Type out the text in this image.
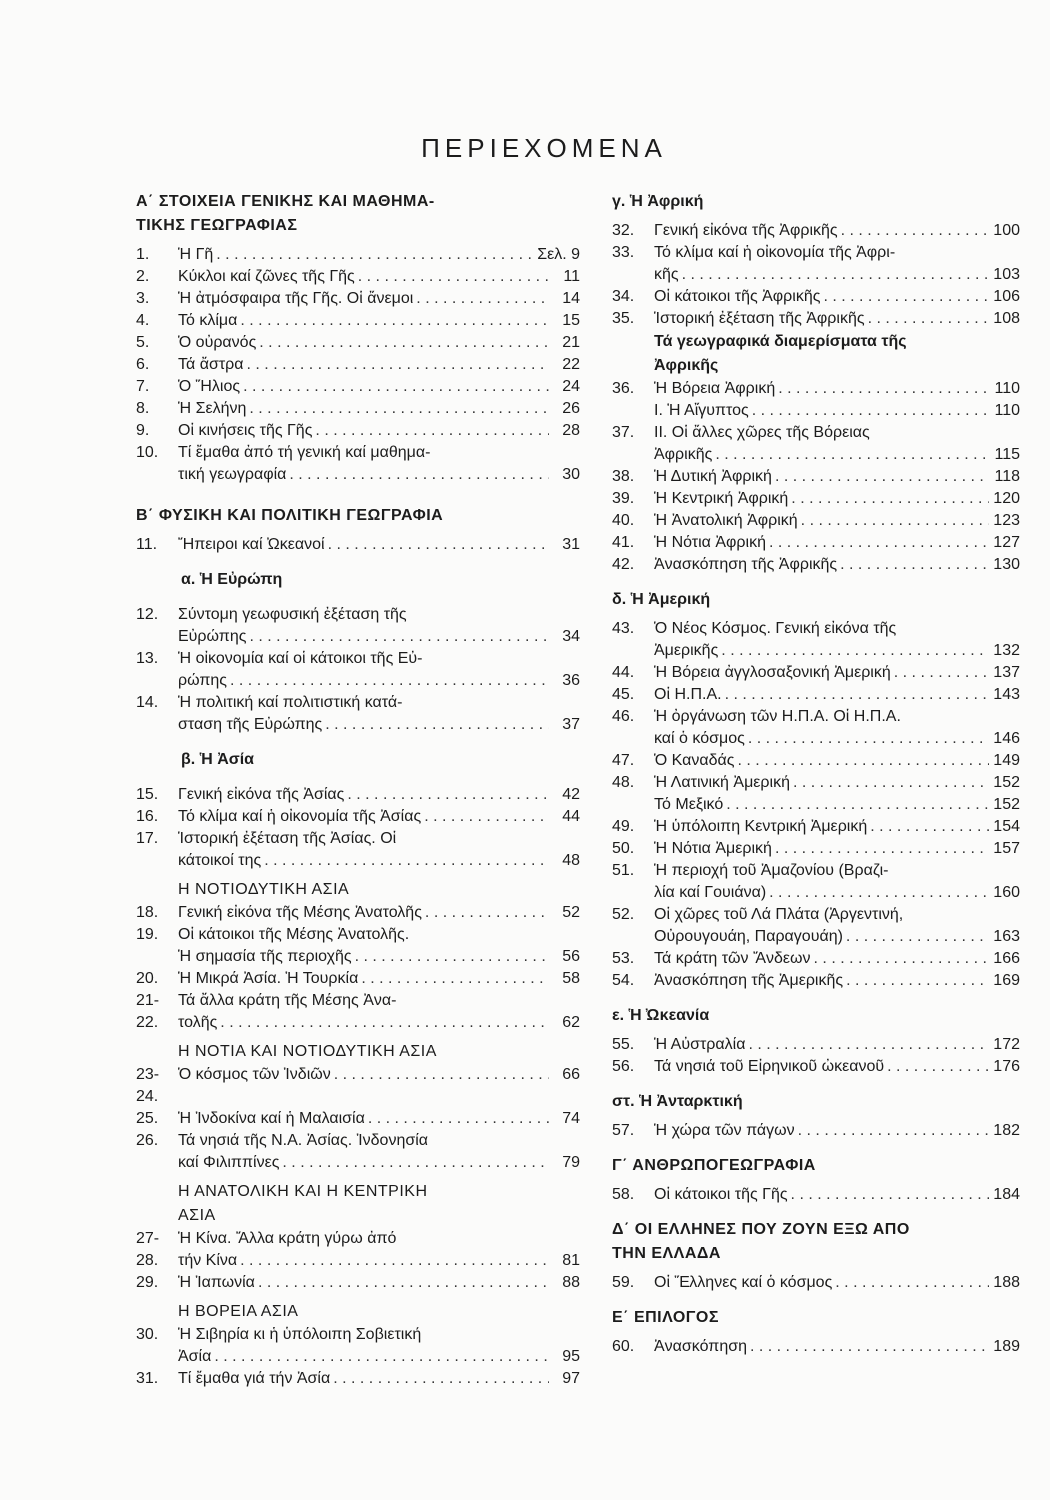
ΠΕΡΙΕΧΟΜΕΝΑ

Α΄ ΣΤΟΙΧΕΙΑ ΓΕΝΙΚΗΣ ΚΑΙ ΜΑΘΗΜΑ-

ΤΙΚΗΣ ΓΕΩΓΡΑΦΙΑΣ

1.	Ἡ Γῆ . . .	Σελ. 9
2.	Κύκλοι καί ζῶνες τῆς Γῆς . . .	11
3.	Ἡ ἀτμόσφαιρα τῆς Γῆς. Οἱ ἄνεμοι . . .	14
4.	Τό κλίμα . . .	15
5.	Ὁ οὐρανός . . .	21
6.	Τά ἄστρα . . .	22
7.	Ὁ Ἥλιος . . .	24
8.	Ἡ Σελήνη . . .	26
9.	Οἱ κινήσεις τῆς Γῆς . . .	28
10.	Τί ἔμαθα ἀπό τή γενική καί μαθημα-
τική γεωγραφία . . .	30

Β΄ ΦΥΣΙΚΗ ΚΑΙ ΠΟΛΙΤΙΚΗ ΓΕΩΓΡΑΦΙΑ

11.	Ἤπειροι καί Ὠκεανοί . . .	31

α. Ἡ Εὐρώπη

12.	Σύντομη γεωφυσική ἐξέταση τῆς
Εὐρώπης . . .	34
13.	Ἡ οἰκονομία καί οἱ κάτοικοι τῆς Εὐ-
ρώπης . . .	36
14.	Ἡ πολιτική καί πολιτιστική κατά-
σταση τῆς Εὐρώπης . . .	37

β. Ἡ Ἀσία

15.	Γενική εἰκόνα τῆς Ἀσίας . . .	42
16.	Τό κλίμα καί ἡ οἰκονομία τῆς Ἀσίας . . .	44
17.	Ἱστορική ἐξέταση τῆς Ἀσίας. Οἱ
κάτοικοί της . . .	48

Η ΝΟΤΙΟΔΥΤΙΚΗ ΑΣΙΑ

18.	Γενική εἰκόνα τῆς Μέσης Ἀνατολῆς . . .	52
19.	Οἱ κάτοικοι τῆς Μέσης Ἀνατολῆς.
Ἡ σημασία τῆς περιοχῆς . . .	56
20.	Ἡ Μικρά Ἀσία. Ἡ Τουρκία . . .	58
21-22.
Τά ἄλλα κράτη τῆς Μέσης Ἀνα-
τολῆς . . .	62

Η ΝΟΤΙΑ ΚΑΙ ΝΟΤΙΟΔΥΤΙΚΗ ΑΣΙΑ

23-24.
Ὁ κόσμος τῶν Ἰνδιῶν . . .	66
25.	Ἡ Ἰνδοκίνα καί ἡ Μαλαισία . . .	74
26.	Τά νησιά τῆς Ν.Α. Ἀσίας. Ἰνδονησία
καί Φιλιππίνες . . .	79

Η ΑΝΑΤΟΛΙΚΗ ΚΑΙ Η ΚΕΝΤΡΙΚΗ

ΑΣΙΑ

27-28.
Ἡ Κίνα. Ἄλλα κράτη γύρω ἀπό
τήν Κίνα . . .	81
29.	Ἡ Ἰαπωνία . . .	88

Η ΒΟΡΕΙΑ ΑΣΙΑ

30.	Ἡ Σιβηρία κι ἡ ὑπόλοιπη Σοβιετική
Ἀσία . . .	95
31.	Τί ἔμαθα γιά τήν Ἀσία . . .	97

γ. Ἡ Ἀφρική

32.	Γενική εἰκόνα τῆς Ἀφρικῆς . . .	100
33.	Τό κλίμα καί ἡ οἰκονομία τῆς Ἀφρι-
κῆς . . .	103
34.	Οἱ κάτοικοι τῆς Ἀφρικῆς . . .	106
35.	Ἱστορική ἐξέταση τῆς Ἀφρικῆς . . .	108

Τά γεωγραφικά διαμερίσματα τῆς

Ἀφρικῆς

36.	Ἡ Βόρεια Ἀφρική . . .	110
I. Ἡ Αἴγυπτος . . .	110
37.	II. Οἱ ἄλλες χῶρες τῆς Βόρειας
Ἀφρικῆς . . .	115
38.	Ἡ Δυτική Ἀφρική . . .	118
39.	Ἡ Κεντρική Ἀφρική . . .	120
40.	Ἡ Ἀνατολική Ἀφρική . . .	123
41.	Ἡ Νότια Ἀφρική . . .	127
42.	Ἀνασκόπηση τῆς Ἀφρικῆς . . .	130

δ. Ἡ Ἀμερική

43.	Ὁ Νέος Κόσμος. Γενική εἰκόνα τῆς
Ἀμερικῆς . . .	132
44.	Ἡ Βόρεια ἀγγλοσαξονική Ἀμερική . . .	137
45.	Οἱ Η.Π.Α. . . .	143
46.	Ἡ ὀργάνωση τῶν Η.Π.Α. Οἱ Η.Π.Α.
καί ὁ κόσμος . . .	146
47.	Ὁ Καναδάς . . .	149
48.	Ἡ Λατινική Ἀμερική . . .	152
Τό Μεξικό . . .	152
49.	Ἡ ὑπόλοιπη Κεντρική Ἀμερική . . .	154
50.	Ἡ Νότια Ἀμερική . . .	157
51.	Ἡ περιοχή τοῦ Ἀμαζονίου (Βραζι-
λία καί Γουιάνα) . . .	160
52.	Οἱ χῶρες τοῦ Λά Πλάτα (Ἀργεντινή,
Οὐρουγουάη, Παραγουάη) . . .	163
53.	Τά κράτη τῶν Ἄνδεων . . .	166
54.	Ἀνασκόπηση τῆς Ἀμερικῆς . . .	169

ε. Ἡ Ὠκεανία

55.	Ἡ Αὐστραλία . . .	172
56.	Τά νησιά τοῦ Εἰρηνικοῦ ὠκεανοῦ . . .	176

στ. Ἡ Ἀνταρκτική

57.	Ἡ χώρα τῶν πάγων . . .	182

Γ΄ ΑΝΘΡΩΠΟΓΕΩΓΡΑΦΙΑ

58.	Οἱ κάτοικοι τῆς Γῆς . . .	184

Δ΄ ΟΙ ΕΛΛΗΝΕΣ ΠΟΥ ΖΟΥΝ ΕΞΩ ΑΠΟ

ΤΗΝ ΕΛΛΑΔΑ

59.	Οἱ Ἕλληνες καί ὁ κόσμος . . .	188

Ε΄ ΕΠΙΛΟΓΟΣ

60.	Ἀνασκόπηση . . .	189
